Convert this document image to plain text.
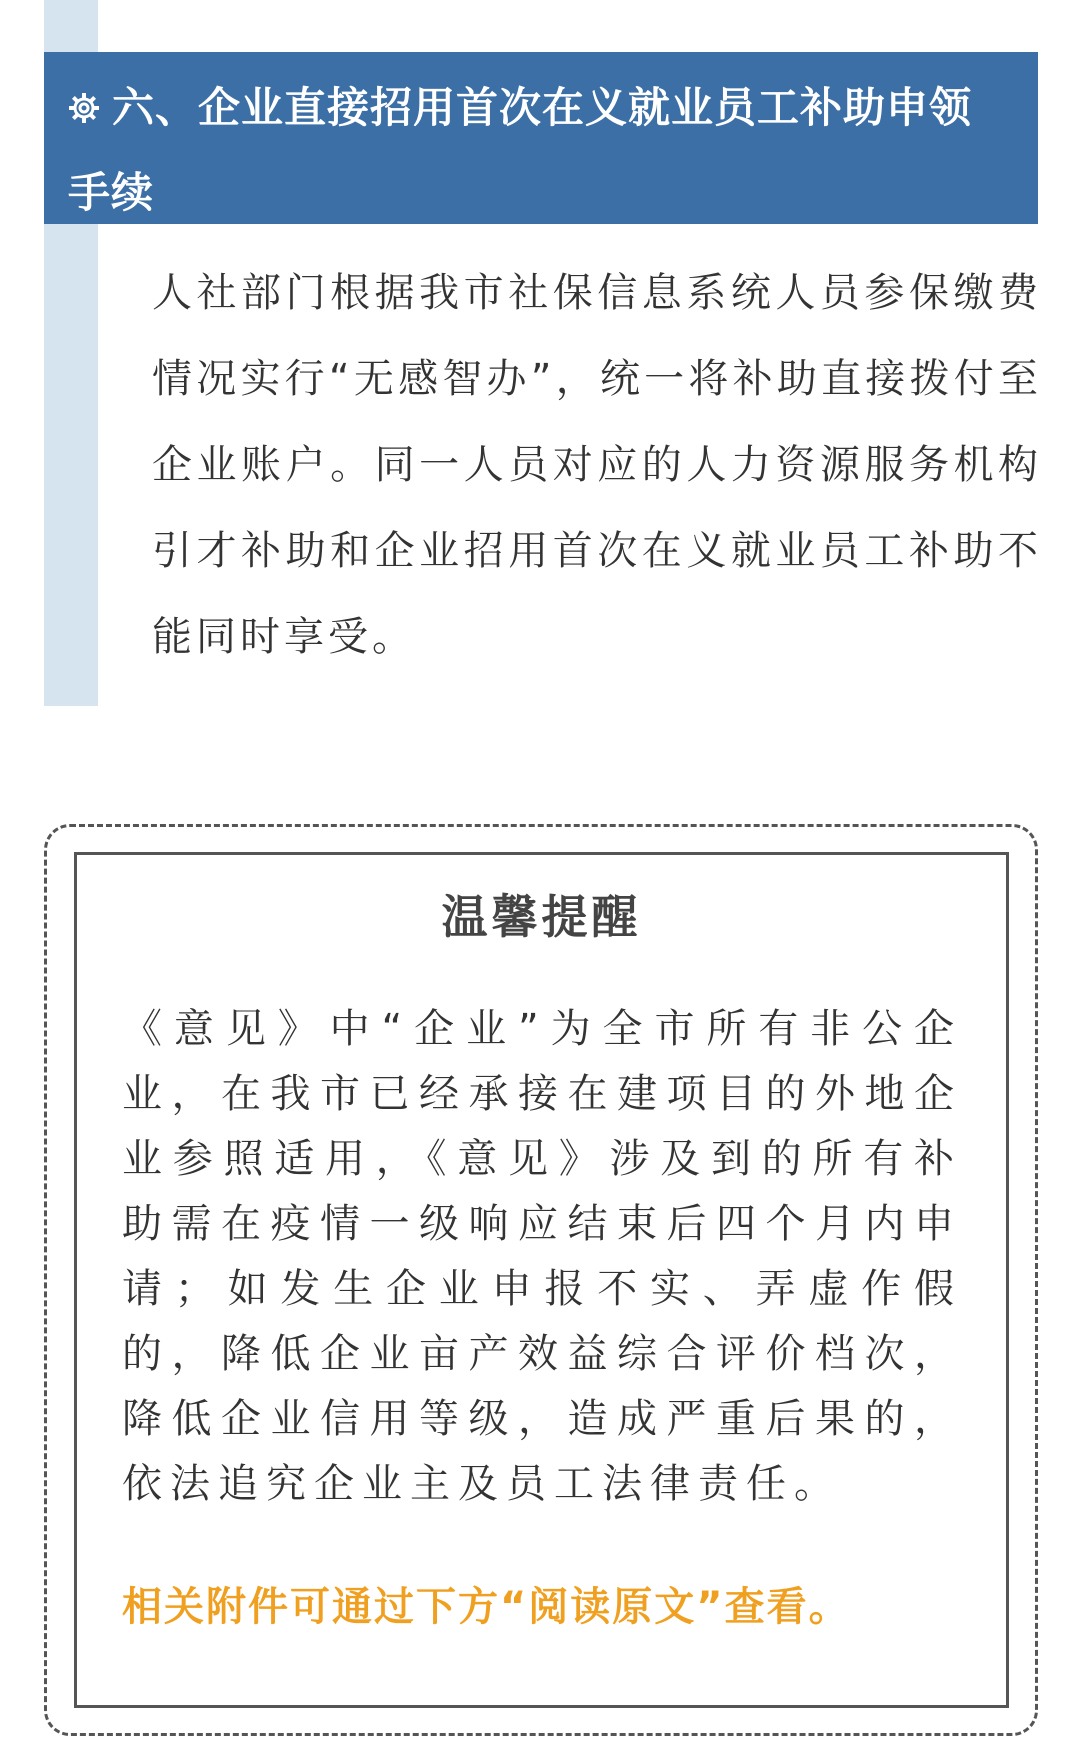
六、企业直接招用首次在义就业员工补助申领手续

人社部门根据我市社保信息系统人员参保缴费情况实行“无感智办”，统一将补助直接拨付至企业账户。同一人员对应的人力资源服务机构引才补助和企业招用首次在义就业员工补助不能同时享受。

温馨提醒

《意见》中“企业”为全市所有非公企业，在我市已经承接在建项目的外地企业参照适用，《意见》涉及到的所有补助需在疫情一级响应结束后四个月内申请；如发生企业申报不实、弄虚作假的，降低企业亩产效益综合评价档次，降低企业信用等级，造成严重后果的，依法追究企业主及员工法律责任。

相关附件可通过下方“阅读原文”查看。
